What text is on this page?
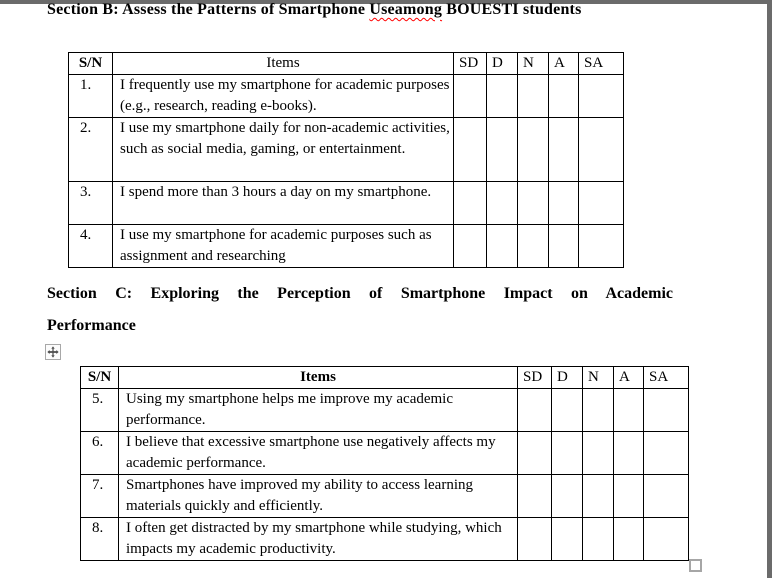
Section B: Assess the Patterns of Smartphone Useamong BOUESTI students
S/N	Items	SD	D	N	A	SA
1.	I frequently use my smartphone for academic purposes (e.g., research, reading e-books).					
2.	I use my smartphone daily for non-academic activities, such as social media, gaming, or entertainment.					
3.	I spend more than 3 hours a day on my smartphone.					
4.	I use my smartphone for academic purposes such as assignment and researching					
Section C: Exploring the Perception of Smartphone Impact on Academic
Performance
S/N	Items	SD	D	N	A	SA
5.	Using my smartphone helps me improve my academic performance.					
6.	I believe that excessive smartphone use negatively affects my academic performance.					
7.	Smartphones have improved my ability to access learning materials quickly and efficiently.					
8.	I often get distracted by my smartphone while studying, which impacts my academic productivity.					
